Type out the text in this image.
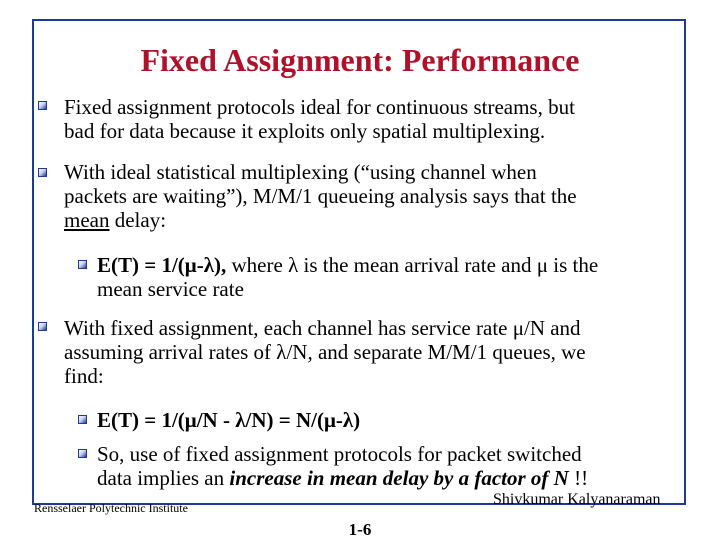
Fixed Assignment: Performance
Fixed assignment protocols ideal for continuous streams, but
bad for data because it exploits only spatial multiplexing.
With ideal statistical multiplexing (“using channel when
packets are waiting”), M/M/1 queueing analysis says that the
mean delay:
E(T) = 1/(μ-λ), where λ is the mean arrival rate and μ is the
mean service rate
With fixed assignment, each channel has service rate μ/N and
assuming arrival rates of λ/N, and separate M/M/1 queues, we
find:
E(T) = 1/(μ/N - λ/N) = N/(μ-λ)
So, use of fixed assignment protocols for packet switched
data implies an increase in mean delay by a factor of N !!
Rensselaer Polytechnic Institute	Shivkumar Kalyanaraman
1-6
